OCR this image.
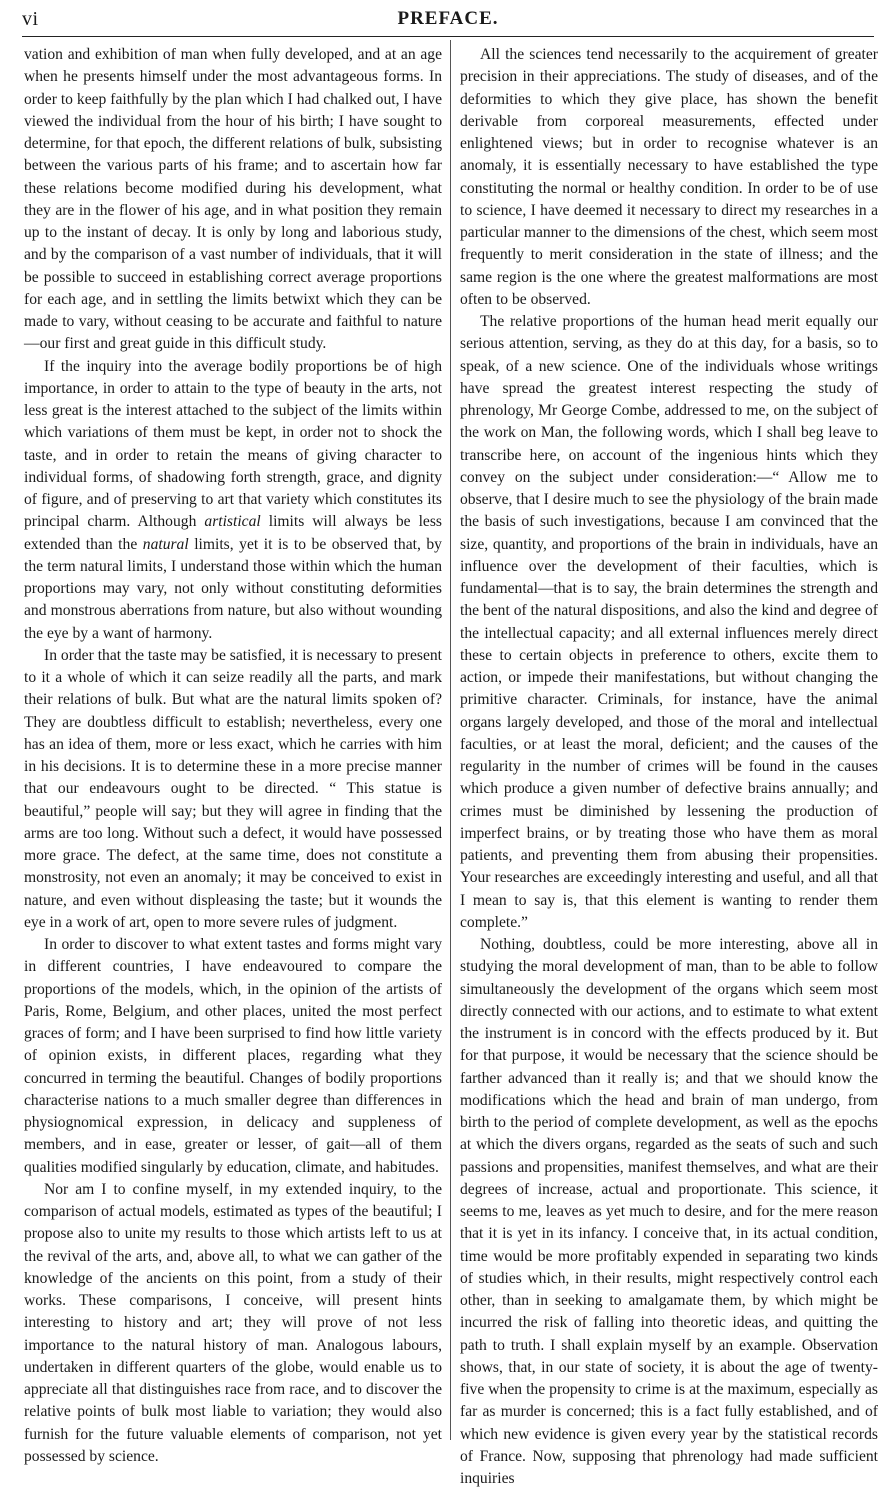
vi	PREFACE.

vation and exhibition of man when fully developed, and at an age when he presents himself under the most advantageous forms. In order to keep faithfully by the plan which I had chalked out, I have viewed the individual from the hour of his birth; I have sought to determine, for that epoch, the different relations of bulk, subsisting between the various parts of his frame; and to ascertain how far these relations become modified during his development, what they are in the flower of his age, and in what position they remain up to the instant of decay. It is only by long and laborious study, and by the comparison of a vast number of individuals, that it will be possible to succeed in establishing correct average proportions for each age, and in settling the limits betwixt which they can be made to vary, without ceasing to be accurate and faithful to nature—our first and great guide in this difficult study.

If the inquiry into the average bodily proportions be of high importance, in order to attain to the type of beauty in the arts, not less great is the interest attached to the subject of the limits within which variations of them must be kept, in order not to shock the taste, and in order to retain the means of giving character to individual forms, of shadowing forth strength, grace, and dignity of figure, and of preserving to art that variety which constitutes its principal charm. Although artistical limits will always be less extended than the natural limits, yet it is to be observed that, by the term natural limits, I understand those within which the human proportions may vary, not only without constituting deformities and monstrous aberrations from nature, but also without wounding the eye by a want of harmony.

In order that the taste may be satisfied, it is necessary to present to it a whole of which it can seize readily all the parts, and mark their relations of bulk. But what are the natural limits spoken of? They are doubtless difficult to establish; nevertheless, every one has an idea of them, more or less exact, which he carries with him in his decisions. It is to determine these in a more precise manner that our endeavours ought to be directed. “ This statue is beautiful,” people will say; but they will agree in finding that the arms are too long. Without such a defect, it would have possessed more grace. The defect, at the same time, does not constitute a monstrosity, not even an anomaly; it may be conceived to exist in nature, and even without displeasing the taste; but it wounds the eye in a work of art, open to more severe rules of judgment.

In order to discover to what extent tastes and forms might vary in different countries, I have endeavoured to compare the proportions of the models, which, in the opinion of the artists of Paris, Rome, Belgium, and other places, united the most perfect graces of form; and I have been surprised to find how little variety of opinion exists, in different places, regarding what they concurred in terming the beautiful. Changes of bodily proportions characterise nations to a much smaller degree than differences in physiognomical expression, in delicacy and suppleness of members, and in ease, greater or lesser, of gait—all of them qualities modified singularly by education, climate, and habitudes.

Nor am I to confine myself, in my extended inquiry, to the comparison of actual models, estimated as types of the beautiful; I propose also to unite my results to those which artists left to us at the revival of the arts, and, above all, to what we can gather of the knowledge of the ancients on this point, from a study of their works. These comparisons, I conceive, will present hints interesting to history and art; they will prove of not less importance to the natural history of man. Analogous labours, undertaken in different quarters of the globe, would enable us to appreciate all that distinguishes race from race, and to discover the relative points of bulk most liable to variation; they would also furnish for the future valuable elements of comparison, not yet possessed by science.

All the sciences tend necessarily to the acquirement of greater precision in their appreciations. The study of diseases, and of the deformities to which they give place, has shown the benefit derivable from corporeal measurements, effected under enlightened views; but in order to recognise whatever is an anomaly, it is essentially necessary to have established the type constituting the normal or healthy condition. In order to be of use to science, I have deemed it necessary to direct my researches in a particular manner to the dimensions of the chest, which seem most frequently to merit consideration in the state of illness; and the same region is the one where the greatest malformations are most often to be observed.

The relative proportions of the human head merit equally our serious attention, serving, as they do at this day, for a basis, so to speak, of a new science. One of the individuals whose writings have spread the greatest interest respecting the study of phrenology, Mr George Combe, addressed to me, on the subject of the work on Man, the following words, which I shall beg leave to transcribe here, on account of the ingenious hints which they convey on the subject under consideration:—“ Allow me to observe, that I desire much to see the physiology of the brain made the basis of such investigations, because I am convinced that the size, quantity, and proportions of the brain in individuals, have an influence over the development of their faculties, which is fundamental—that is to say, the brain determines the strength and the bent of the natural dispositions, and also the kind and degree of the intellectual capacity; and all external influences merely direct these to certain objects in preference to others, excite them to action, or impede their manifestations, but without changing the primitive character. Criminals, for instance, have the animal organs largely developed, and those of the moral and intellectual faculties, or at least the moral, deficient; and the causes of the regularity in the number of crimes will be found in the causes which produce a given number of defective brains annually; and crimes must be diminished by lessening the production of imperfect brains, or by treating those who have them as moral patients, and preventing them from abusing their propensities. Your researches are exceedingly interesting and useful, and all that I mean to say is, that this element is wanting to render them complete.”

Nothing, doubtless, could be more interesting, above all in studying the moral development of man, than to be able to follow simultaneously the development of the organs which seem most directly connected with our actions, and to estimate to what extent the instrument is in concord with the effects produced by it. But for that purpose, it would be necessary that the science should be farther advanced than it really is; and that we should know the modifications which the head and brain of man undergo, from birth to the period of complete development, as well as the epochs at which the divers organs, regarded as the seats of such and such passions and propensities, manifest themselves, and what are their degrees of increase, actual and proportionate. This science, it seems to me, leaves as yet much to desire, and for the mere reason that it is yet in its infancy. I conceive that, in its actual condition, time would be more profitably expended in separating two kinds of studies which, in their results, might respectively control each other, than in seeking to amalgamate them, by which might be incurred the risk of falling into theoretic ideas, and quitting the path to truth. I shall explain myself by an example. Observation shows, that, in our state of society, it is about the age of twenty-five when the propensity to crime is at the maximum, especially as far as murder is concerned; this is a fact fully established, and of which new evidence is given every year by the statistical records of France. Now, supposing that phrenology had made sufficient inquiries
